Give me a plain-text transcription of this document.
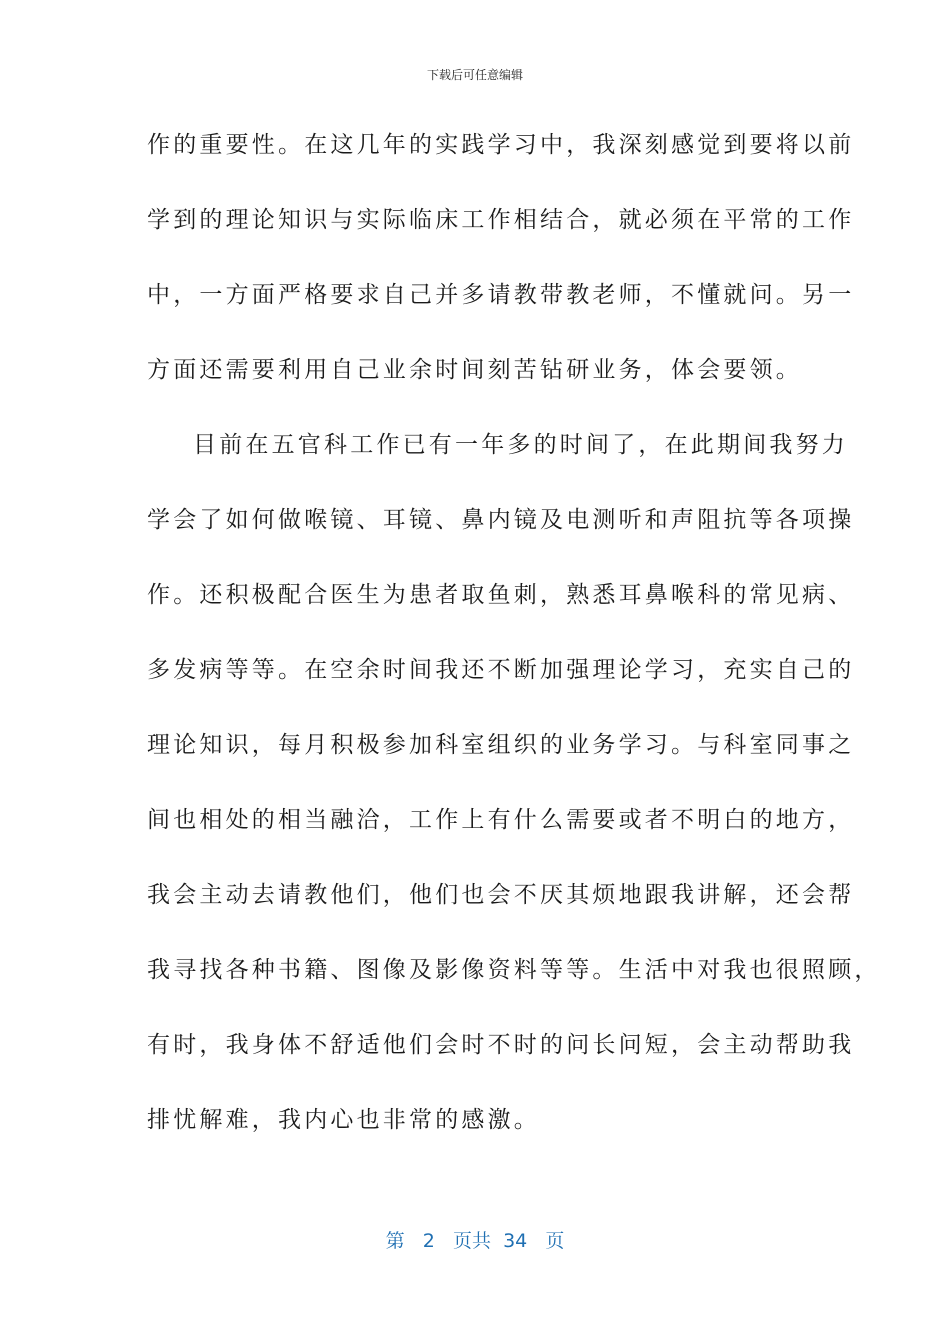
下载后可任意编辑
作的重要性。在这几年的实践学习中，我深刻感觉到要将以前
学到的理论知识与实际临床工作相结合，就必须在平常的工作
中，一方面严格要求自己并多请教带教老师，不懂就问。另一
方面还需要利用自己业余时间刻苦钻研业务，体会要领。
目前在五官科工作已有一年多的时间了，在此期间我努力
学会了如何做喉镜、耳镜、鼻内镜及电测听和声阻抗等各项操
作。还积极配合医生为患者取鱼刺，熟悉耳鼻喉科的常见病、
多发病等等。在空余时间我还不断加强理论学习，充实自己的
理论知识，每月积极参加科室组织的业务学习。与科室同事之
间也相处的相当融洽，工作上有什么需要或者不明白的地方，
我会主动去请教他们，他们也会不厌其烦地跟我讲解，还会帮
我寻找各种书籍、图像及影像资料等等。生活中对我也很照顾，
有时，我身体不舒适他们会时不时的问长问短，会主动帮助我
排忧解难，我内心也非常的感激。
第 2 页共 34 页
